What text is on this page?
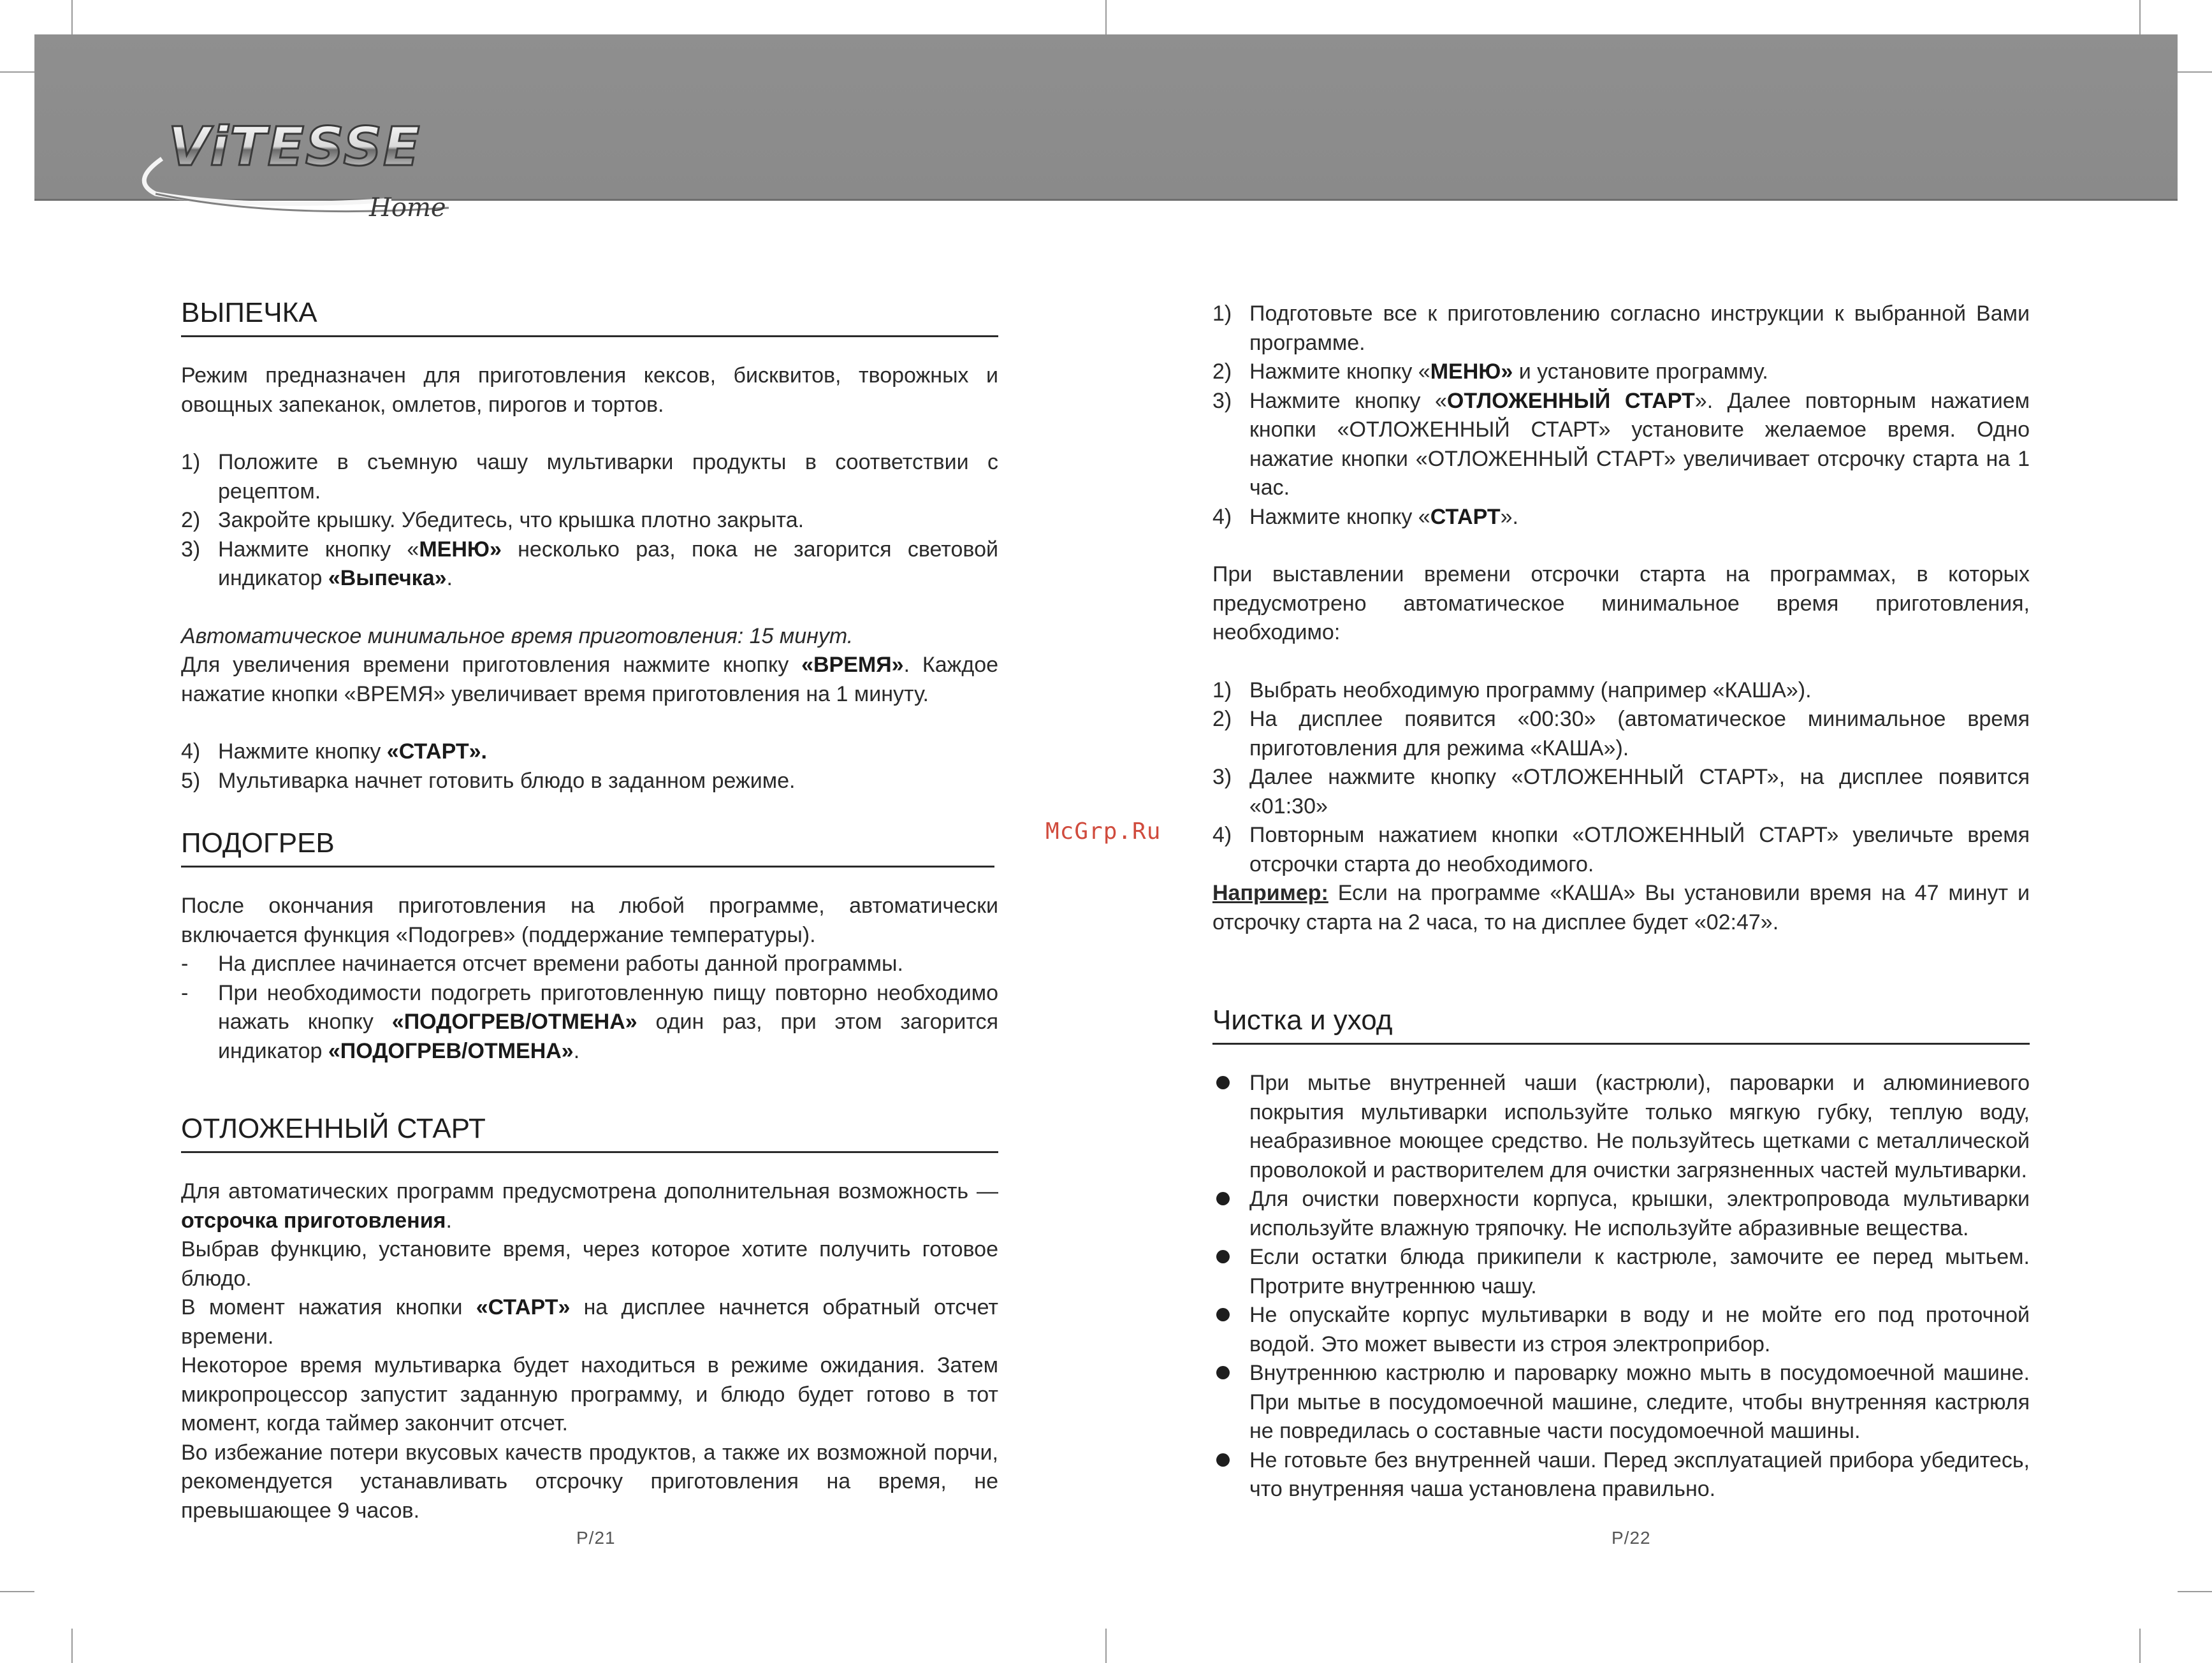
ViTESSE
Home
ВЫПЕЧКА

Режим предназначен для приготовления кексов, бисквитов, творожных и овощных запеканок, омлетов, пирогов и тортов.

1) Положите в съемную чашу мультиварки продукты в соответствии с рецептом.
2) Закройте крышку. Убедитесь, что крышка плотно закрыта.
3) Нажмите кнопку «МЕНЮ» несколько раз, пока не загорится световой индикатор «Выпечка».

Автоматическое минимальное время приготовления: 15 минут.

Для увеличения времени приготовления нажмите кнопку «ВРЕМЯ». Каждое нажатие кнопки «ВРЕМЯ» увеличивает время приготовления на 1 минуту.

4) Нажмите кнопку «СТАРТ».
5) Мультиварка начнет готовить блюдо в заданном режиме.
ПОДОГРЕВ

После окончания приготовления на любой программе, автоматически включается функция «Подогрев» (поддержание температуры).

- На дисплее начинается отсчет времени работы данной программы.
- При необходимости подогреть приготовленную пищу повторно необходимо нажать кнопку «ПОДОГРЕВ/ОТМЕНА» один раз, при этом загорится индикатор «ПОДОГРЕВ/ОТМЕНА».
ОТЛОЖЕННЫЙ СТАРТ

Для автоматических программ предусмотрена дополнительная возможность — отсрочка приготовления.

Выбрав функцию, установите время, через которое хотите получить готовое блюдо.

В момент нажатия кнопки «СТАРТ» на дисплее начнется обратный отсчет времени.

Некоторое время мультиварка будет находиться в режиме ожидания. Затем микропроцессор запустит заданную программу, и блюдо будет готово в тот момент, когда таймер закончит отсчет.

Во избежание потери вкусовых качеств продуктов, а также их возможной порчи, рекомендуется устанавливать отсрочку приготовления на время, не превышающее 9 часов.

1) Подготовьте все к приготовлению согласно инструкции к выбранной Вами программе.
2) Нажмите кнопку «МЕНЮ» и установите программу.
3) Нажмите кнопку «ОТЛОЖЕННЫЙ СТАРТ». Далее повторным нажатием кнопки «ОТЛОЖЕННЫЙ СТАРТ» установите желаемое время. Одно нажатие кнопки «ОТЛОЖЕННЫЙ СТАРТ» увеличивает отсрочку старта на 1 час.
4) Нажмите кнопку «СТАРТ».

При выставлении времени отсрочки старта на программах, в которых предусмотрено автоматическое минимальное время приготовления, необходимо:

1) Выбрать необходимую программу (например «КАША»).
2) На дисплее появится «00:30» (автоматическое минимальное время приготовления для режима «КАША»).
3) Далее нажмите кнопку «ОТЛОЖЕННЫЙ СТАРТ», на дисплее появится «01:30»
4) Повторным нажатием кнопки «ОТЛОЖЕННЫЙ СТАРТ» увеличьте время отсрочки старта до необходимого.

Например: Если на программе «КАША» Вы установили время на 47 минут и отсрочку старта на 2 часа, то на дисплее будет «02:47».

Чистка и уход
При мытье внутренней чаши (кастрюли), пароварки и алюминиевого покрытия мультиварки используйте только мягкую губку, теплую воду, неабразивное моющее средство. Не пользуйтесь щетками с металлической проволокой и растворителем для очистки загрязненных частей мультиварки.
Для очистки поверхности корпуса, крышки, электропровода мультиварки используйте влажную тряпочку. Не используйте абразивные вещества.
Если остатки блюда прикипели к кастрюле, замочите ее перед мытьем. Протрите внутреннюю чашу.
Не опускайте корпус мультиварки в воду и не мойте его под проточной водой. Это может вывести из строя электроприбор.
Внутреннюю кастрюлю и пароварку можно мыть в посудомоечной машине. При мытье в посудомоечной машине, следите, чтобы внутренняя кастрюля не повредилась о составные части посудомоечной машины.
Не готовьте без внутренней чаши. Перед эксплуатацией прибора убедитесь, что внутренняя чаша установлена правильно.
McGrp.Ru
P/21	P/22
